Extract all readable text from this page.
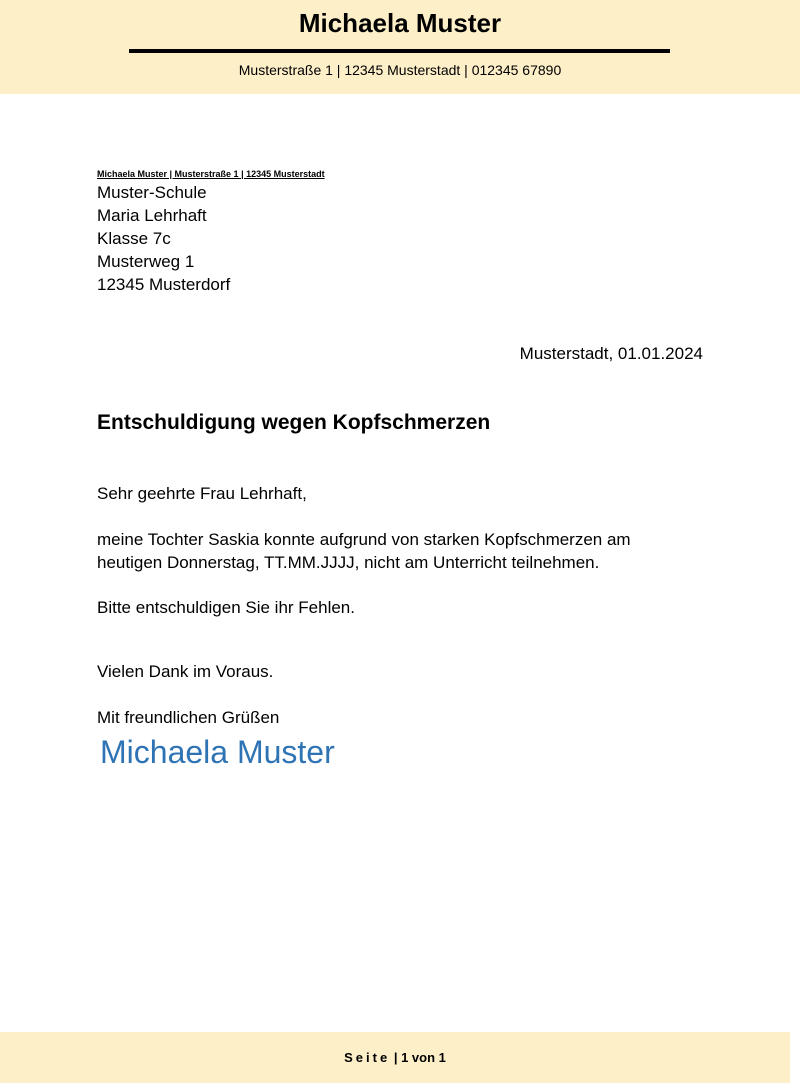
Michaela Muster
Musterstraße 1 | 12345 Musterstadt | 012345 67890
Michaela Muster | Musterstraße 1 | 12345 Musterstadt
Muster-Schule
Maria Lehrhaft
Klasse 7c
Musterweg 1
12345 Musterdorf
Musterstadt, 01.01.2024
Entschuldigung wegen Kopfschmerzen
Sehr geehrte Frau Lehrhaft,
meine Tochter Saskia konnte aufgrund von starken Kopfschmerzen am
heutigen Donnerstag, TT.MM.JJJJ, nicht am Unterricht teilnehmen.
Bitte entschuldigen Sie ihr Fehlen.
Vielen Dank im Voraus.
Mit freundlichen Grüßen
Michaela Muster
Seite | 1 von 1
